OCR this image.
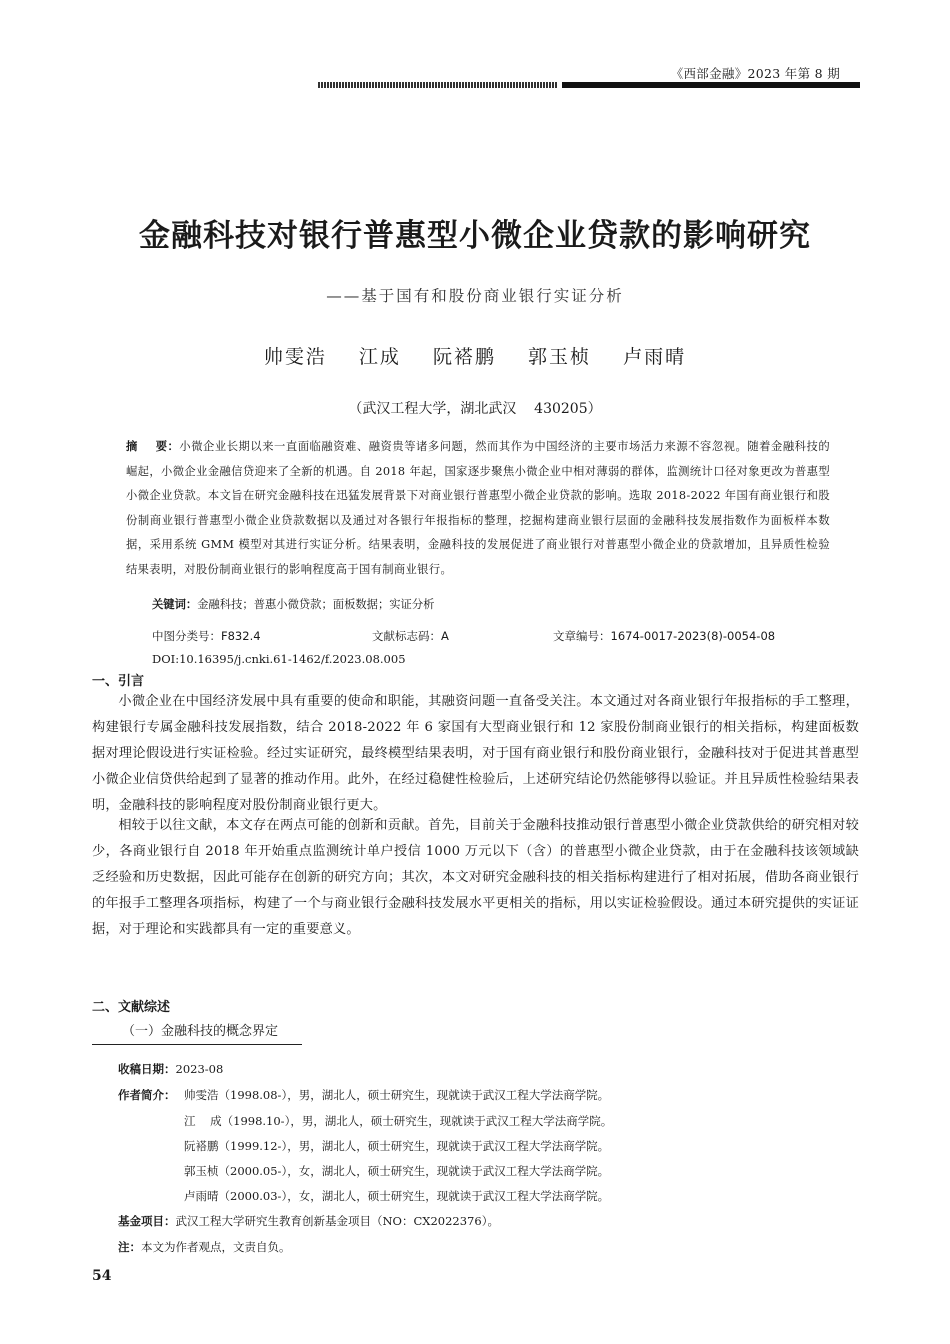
《西部金融》2023 年第 8 期
金融科技对银行普惠型小微企业贷款的影响研究
——基于国有和股份商业银行实证分析
帅雯浩 江成 阮褡鹏 郭玉桢 卢雨晴
（武汉工程大学，湖北武汉    430205）
摘    要：小微企业长期以来一直面临融资难、融资贵等诸多问题，然而其作为中国经济的主要市场活力来源不容忽视。随着金融科技的崛起，小微企业金融信贷迎来了全新的机遇。自 2018 年起，国家逐步聚焦小微企业中相对薄弱的群体，监测统计口径对象更改为普惠型小微企业贷款。本文旨在研究金融科技在迅猛发展背景下对商业银行普惠型小微企业贷款的影响。选取 2018-2022 年国有商业银行和股份制商业银行普惠型小微企业贷款数据以及通过对各银行年报指标的整理，挖掘构建商业银行层面的金融科技发展指数作为面板样本数据，采用系统 GMM 模型对其进行实证分析。结果表明，金融科技的发展促进了商业银行对普惠型小微企业的贷款增加，且异质性检验结果表明，对股份制商业银行的影响程度高于国有制商业银行。
关键词：金融科技；普惠小微贷款；面板数据；实证分析
中图分类号：F832.4	文献标志码：A	文章编号：1674-0017-2023(8)-0054-08
DOI:10.16395/j.cnki.61-1462/f.2023.08.005
一、引言
小微企业在中国经济发展中具有重要的使命和职能，其融资问题一直备受关注。本文通过对各商业银行年报指标的手工整理，构建银行专属金融科技发展指数，结合 2018-2022 年 6 家国有大型商业银行和 12 家股份制商业银行的相关指标，构建面板数据对理论假设进行实证检验。经过实证研究，最终模型结果表明，对于国有商业银行和股份商业银行，金融科技对于促进其普惠型小微企业信贷供给起到了显著的推动作用。此外，在经过稳健性检验后，上述研究结论仍然能够得以验证。并且异质性检验结果表明，金融科技的影响程度对股份制商业银行更大。
相较于以往文献，本文存在两点可能的创新和贡献。首先，目前关于金融科技推动银行普惠型小微企业贷款供给的研究相对较少，各商业银行自 2018 年开始重点监测统计单户授信 1000 万元以下（含）的普惠型小微企业贷款，由于在金融科技该领域缺乏经验和历史数据，因此可能存在创新的研究方向；其次，本文对研究金融科技的相关指标构建进行了相对拓展，借助各商业银行的年报手工整理各项指标，构建了一个与商业银行金融科技发展水平更相关的指标，用以实证检验假设。通过本研究提供的实证证据，对于理论和实践都具有一定的重要意义。
二、文献综述
（一）金融科技的概念界定
收稿日期：2023-08
作者简介： 帅雯浩（1998.08-），男，湖北人，硕士研究生，现就读于武汉工程大学法商学院。
江    成（1998.10-），男，湖北人，硕士研究生，现就读于武汉工程大学法商学院。
阮褡鹏（1999.12-），男，湖北人，硕士研究生，现就读于武汉工程大学法商学院。
郭玉桢（2000.05-），女，湖北人，硕士研究生，现就读于武汉工程大学法商学院。
卢雨晴（2000.03-），女，湖北人，硕士研究生，现就读于武汉工程大学法商学院。
基金项目：武汉工程大学研究生教育创新基金项目（NO：CX2022376）。
注：本文为作者观点，文责自负。
54
